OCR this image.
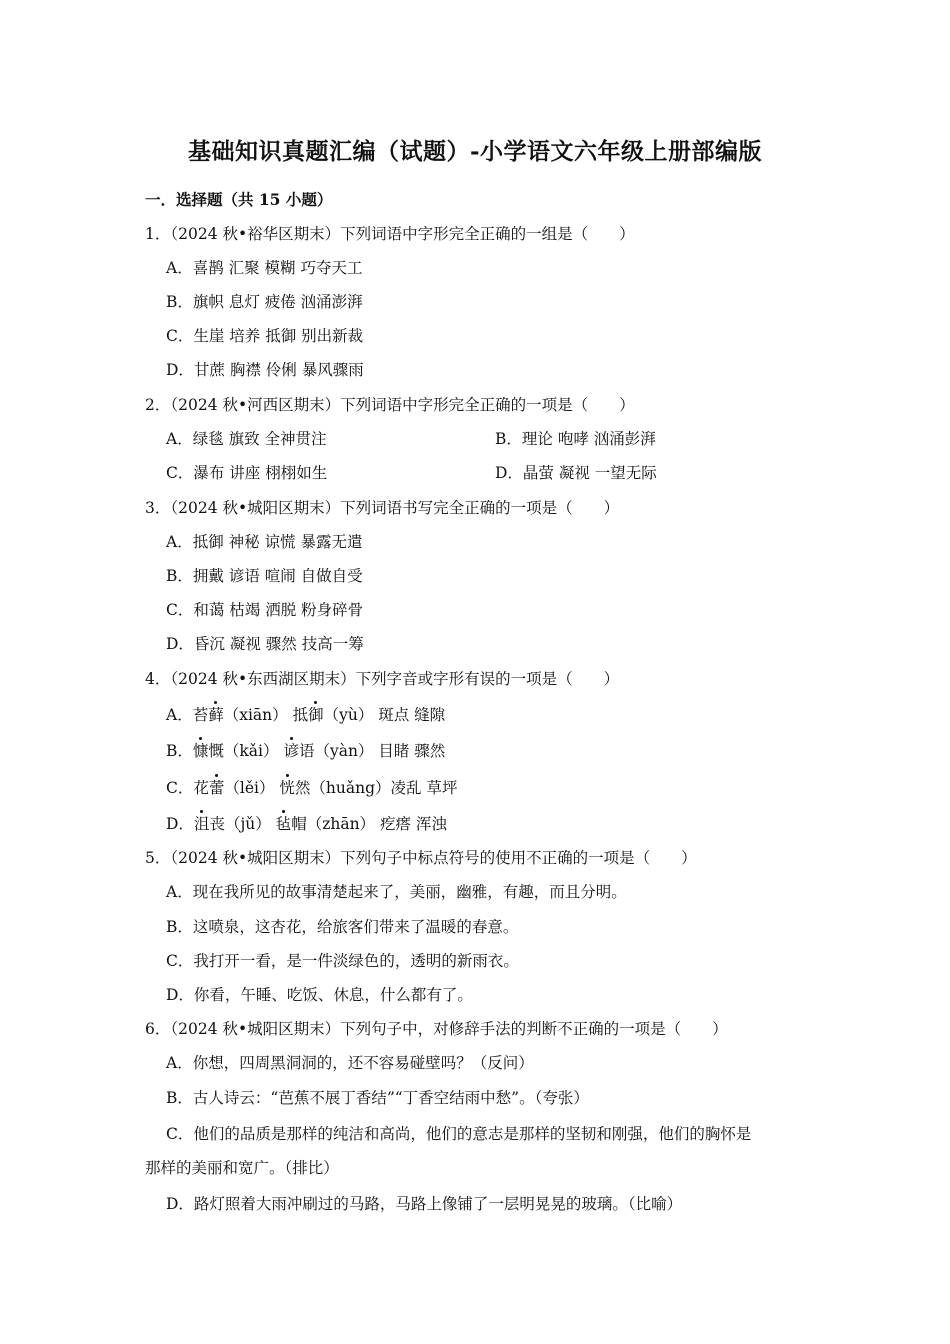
基础知识真题汇编（试题）-小学语文六年级上册部编版
一．选择题（共 15 小题）
1．（2024 秋•裕华区期末）下列词语中字形完全正确的一组是（　　）
A．喜鹊 汇聚 模糊 巧夺天工
B．旗帜 息灯 疲倦 汹涌澎湃
C．生崖 培养 抵御 别出新裁
D．甘蔗 胸襟 伶俐 暴风骤雨
2．（2024 秋•河西区期末）下列词语中字形完全正确的一项是（　　）
A．绿毯 旗致 全神贯注	B．理论 咆哮 汹涌彭湃
C．瀑布 讲座 栩栩如生	D．晶萤 凝视 一望无际
3．（2024 秋•城阳区期末）下列词语书写完全正确的一项是（　　）
A．抵御 神秘 谅慌 暴露无遣
B．拥戴 谚语 喧闹 自做自受
C．和蔼 枯竭 洒脱 粉身碎骨
D．昏沉 凝视 骤然 技高一筹
4．（2024 秋•东西湖区期末）下列字音或字形有误的一项是（　　）
A．苔藓（xiān） 抵御（yù） 斑点 缝隙
B．慷慨（kǎi） 谚语（yàn） 目睹 骤然
C．花蕾（lěi） 恍然（huǎng）凌乱 草坪
D．沮丧（jǔ） 毡帽（zhān） 疙瘩 浑浊
5．（2024 秋•城阳区期末）下列句子中标点符号的使用不正确的一项是（　　）
A．现在我所见的故事清楚起来了，美丽，幽雅，有趣，而且分明。
B．这喷泉，这杏花，给旅客们带来了温暖的春意。
C．我打开一看，是一件淡绿色的，透明的新雨衣。
D．你看，午睡、吃饭、休息，什么都有了。
6．（2024 秋•城阳区期末）下列句子中，对修辞手法的判断不正确的一项是（　　）
A．你想，四周黑洞洞的，还不容易碰壁吗？（反问）
B．古人诗云：“芭蕉不展丁香结”“丁香空结雨中愁”。（夸张）
C．他们的品质是那样的纯洁和高尚，他们的意志是那样的坚韧和刚强，他们的胸怀是
那样的美丽和宽广。（排比）
D．路灯照着大雨冲刷过的马路，马路上像铺了一层明晃晃的玻璃。（比喻）
